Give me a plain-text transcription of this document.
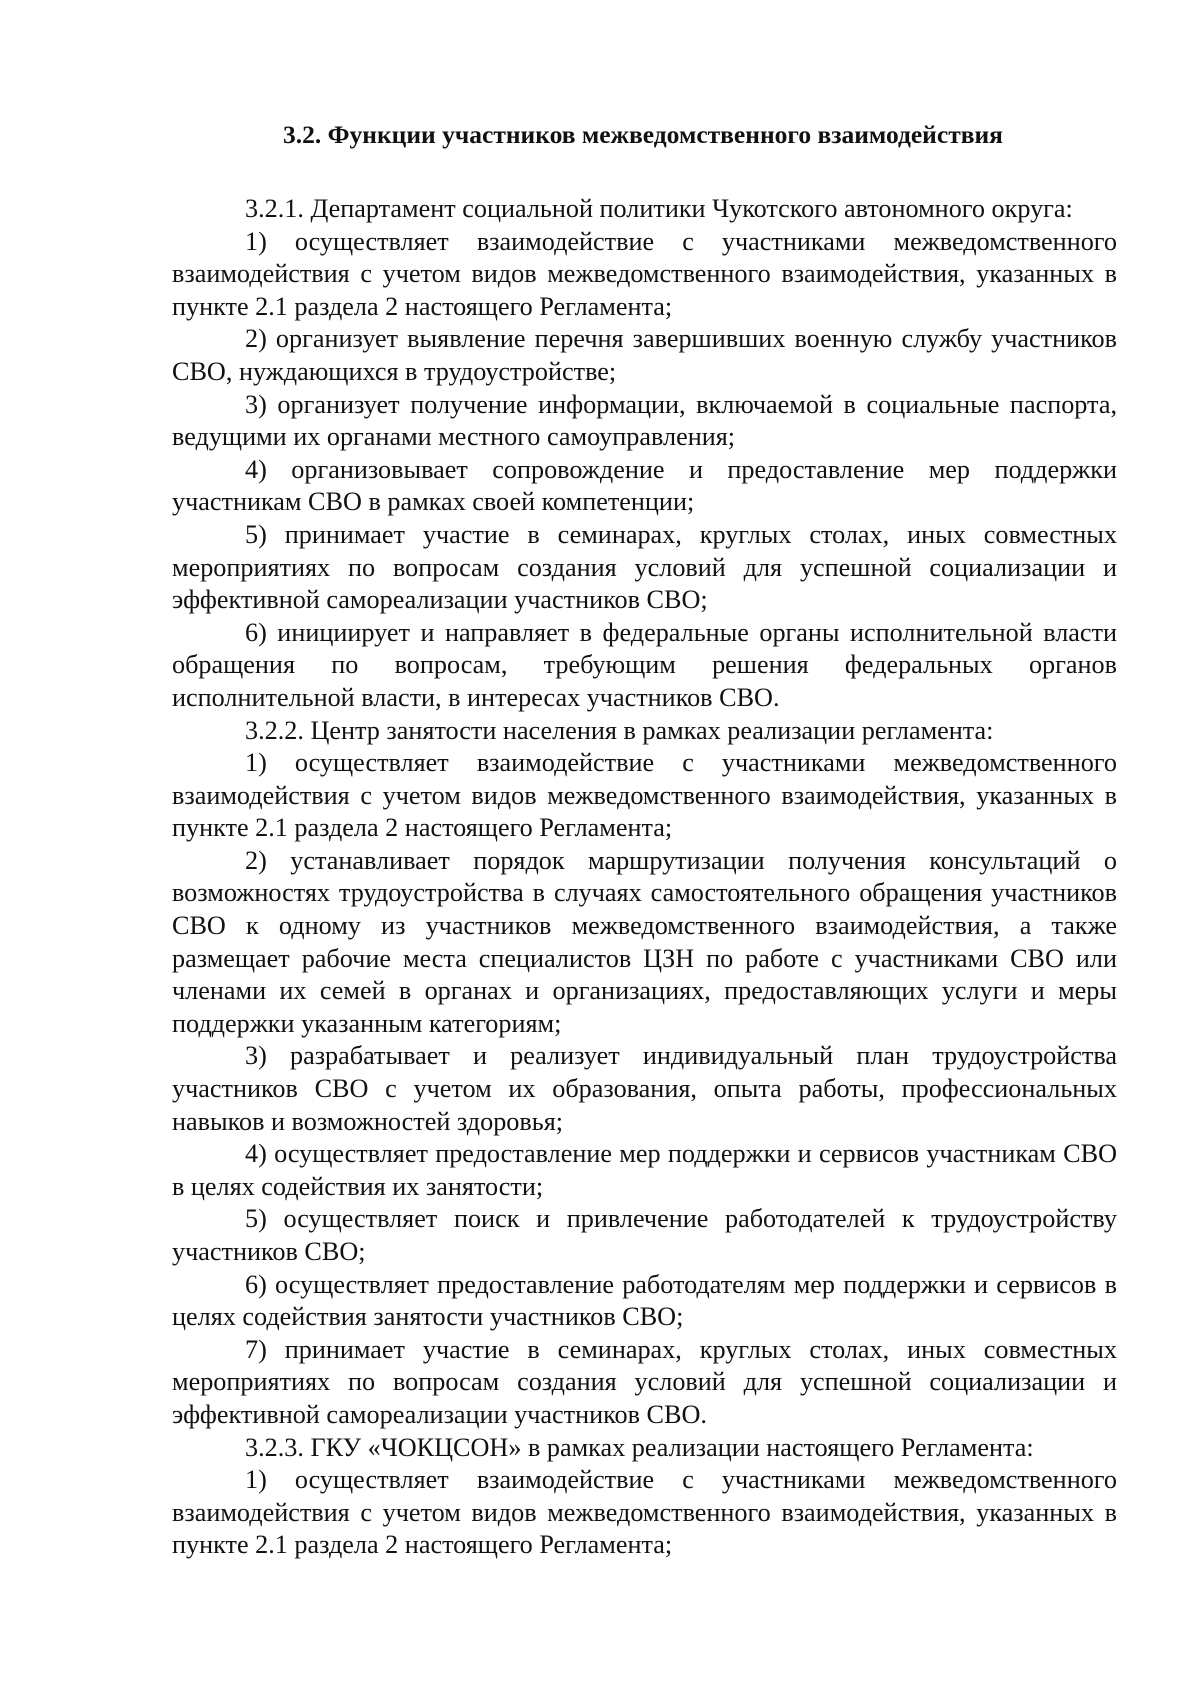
3.2. Функции участников межведомственного взаимодействия

3.2.1. Департамент социальной политики Чукотского автономного округа:

1) осуществляет взаимодействие с участниками межведомственного взаимодействия с учетом видов межведомственного взаимодействия, указанных в пункте 2.1 раздела 2 настоящего Регламента;

2) организует выявление перечня завершивших военную службу участников СВО, нуждающихся в трудоустройстве;

3) организует получение информации, включаемой в социальные паспорта, ведущими их органами местного самоуправления;

4) организовывает сопровождение и предоставление мер поддержки участникам СВО в рамках своей компетенции;

5) принимает участие в семинарах, круглых столах, иных совместных мероприятиях по вопросам создания условий для успешной социализации и эффективной самореализации участников СВО;

6) инициирует и направляет в федеральные органы исполнительной власти обращения по вопросам, требующим решения федеральных органов исполнительной власти, в интересах участников СВО.

3.2.2. Центр занятости населения в рамках реализации регламента:

1) осуществляет взаимодействие с участниками межведомственного взаимодействия с учетом видов межведомственного взаимодействия, указанных в пункте 2.1 раздела 2 настоящего Регламента;

2) устанавливает порядок маршрутизации получения консультаций о возможностях трудоустройства в случаях самостоятельного обращения участников СВО к одному из участников межведомственного взаимодействия, а также размещает рабочие места специалистов ЦЗН по работе с участниками СВО или членами их семей в органах и организациях, предоставляющих услуги и меры поддержки указанным категориям;

3) разрабатывает и реализует индивидуальный план трудоустройства участников СВО с учетом их образования, опыта работы, профессиональных навыков и возможностей здоровья;

4) осуществляет предоставление мер поддержки и сервисов участникам СВО в целях содействия их занятости;

5) осуществляет поиск и привлечение работодателей к трудоустройству участников СВО;

6) осуществляет предоставление работодателям мер поддержки и сервисов в целях содействия занятости участников СВО;

7) принимает участие в семинарах, круглых столах, иных совместных мероприятиях по вопросам создания условий для успешной социализации и эффективной самореализации участников СВО.

3.2.3. ГКУ «ЧОКЦСОН» в рамках реализации настоящего Регламента:

1) осуществляет взаимодействие с участниками межведомственного взаимодействия с учетом видов межведомственного взаимодействия, указанных в пункте 2.1 раздела 2 настоящего Регламента;
